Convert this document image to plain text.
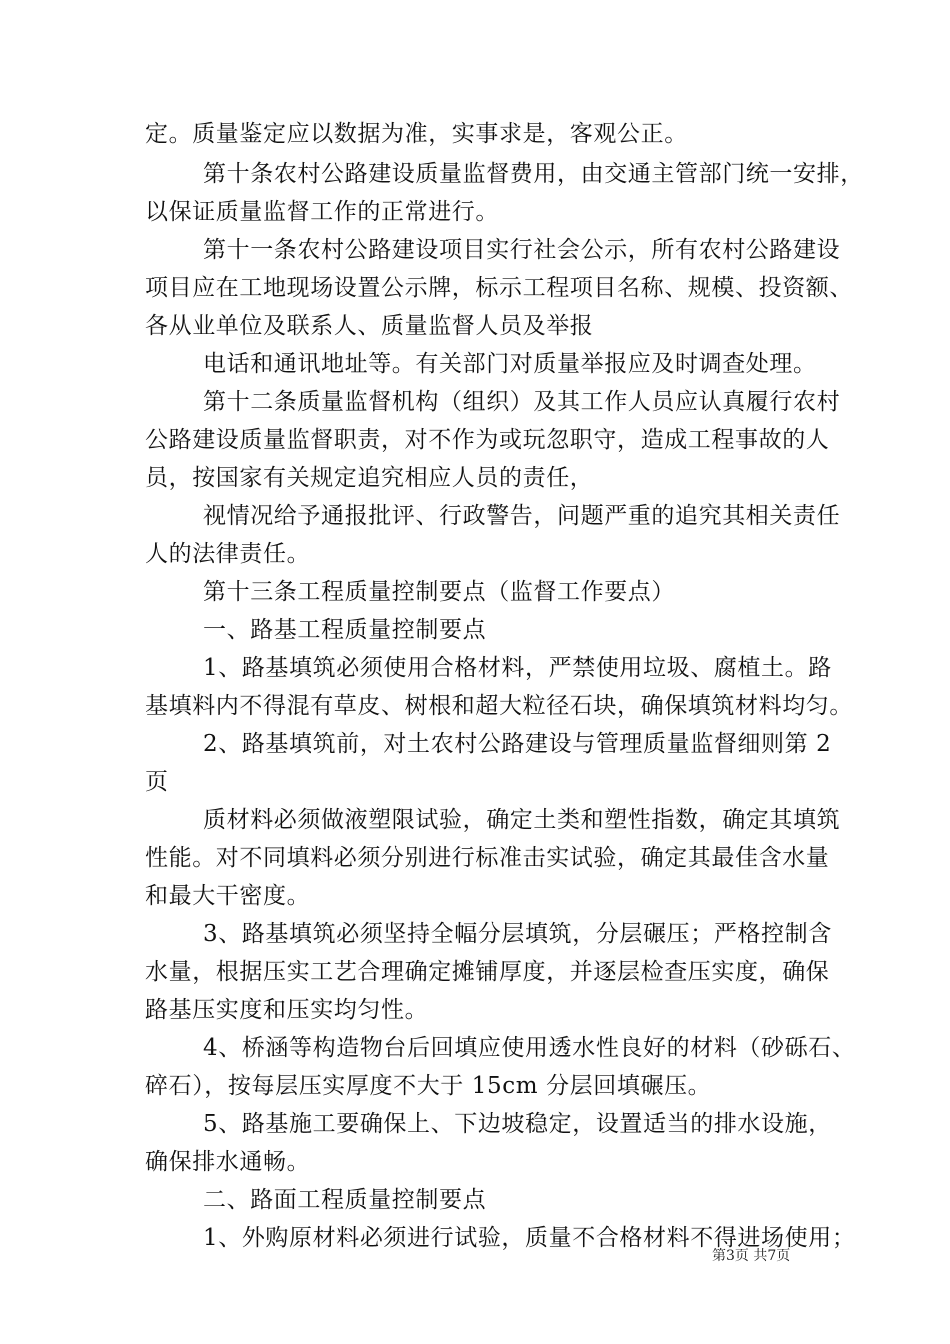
定。质量鉴定应以数据为准，实事求是，客观公正。
第十条农村公路建设质量监督费用，由交通主管部门统一安排，
以保证质量监督工作的正常进行。
第十一条农村公路建设项目实行社会公示，所有农村公路建设
项目应在工地现场设置公示牌，标示工程项目名称、规模、投资额、
各从业单位及联系人、质量监督人员及举报
电话和通讯地址等。有关部门对质量举报应及时调查处理。
第十二条质量监督机构（组织）及其工作人员应认真履行农村
公路建设质量监督职责，对不作为或玩忽职守，造成工程事故的人
员，按国家有关规定追究相应人员的责任，
视情况给予通报批评、行政警告，问题严重的追究其相关责任
人的法律责任。
第十三条工程质量控制要点（监督工作要点）
一、路基工程质量控制要点
1、路基填筑必须使用合格材料，严禁使用垃圾、腐植土。路
基填料内不得混有草皮、树根和超大粒径石块，确保填筑材料均匀。
2、路基填筑前，对土农村公路建设与管理质量监督细则第 2
页
质材料必须做液塑限试验，确定土类和塑性指数，确定其填筑
性能。对不同填料必须分别进行标准击实试验，确定其最佳含水量
和最大干密度。
3、路基填筑必须坚持全幅分层填筑，分层碾压；严格控制含
水量，根据压实工艺合理确定摊铺厚度，并逐层检查压实度，确保
路基压实度和压实均匀性。
4、桥涵等构造物台后回填应使用透水性良好的材料（砂砾石、
碎石），按每层压实厚度不大于 15cm 分层回填碾压。
5、路基施工要确保上、下边坡稳定，设置适当的排水设施，
确保排水通畅。
二、路面工程质量控制要点
1、外购原材料必须进行试验，质量不合格材料不得进场使用；
第3页 共7页
